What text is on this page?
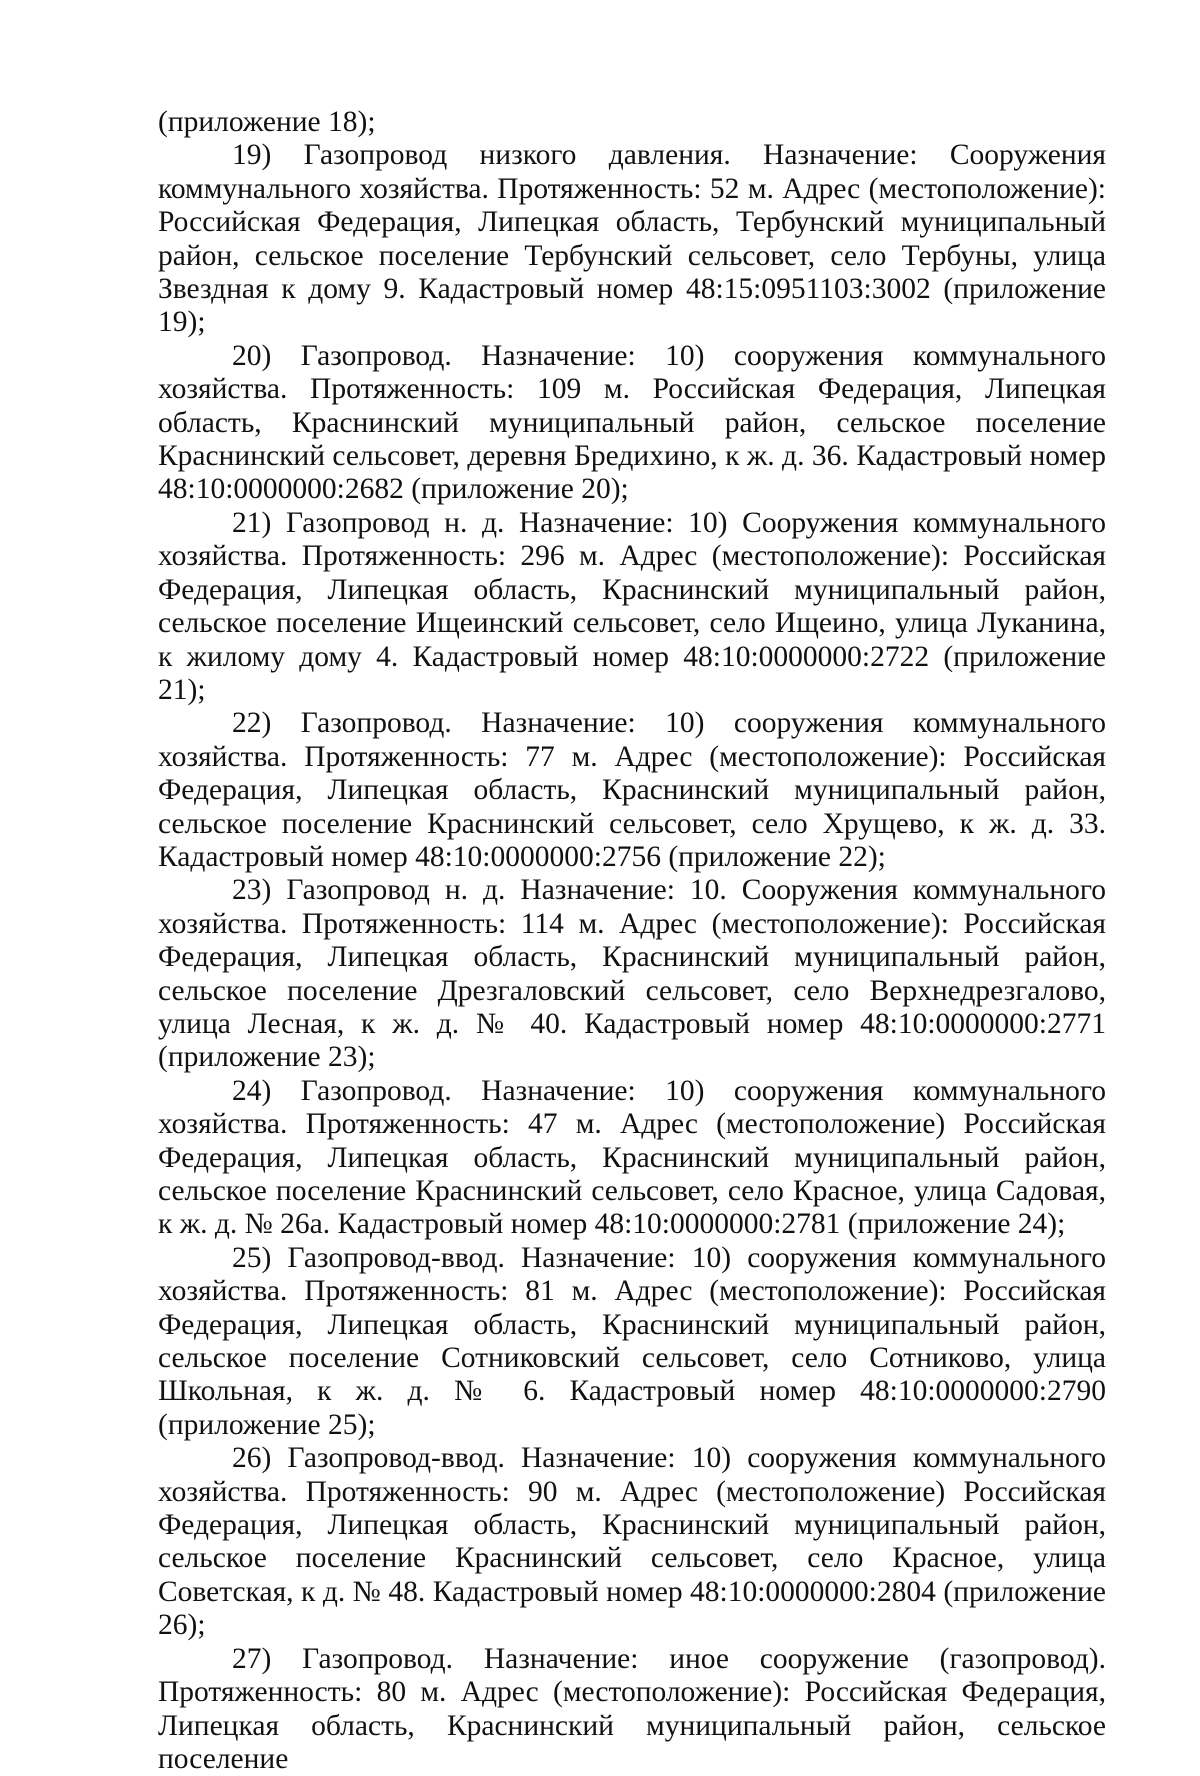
(приложение 18);

19) Газопровод низкого давления. Назначение: Сооружения коммунального хозяйства. Протяженность: 52 м. Адрес (местоположение): Российская Федерация, Липецкая область, Тербунский муниципальный район, сельское поселение Тербунский сельсовет, село Тербуны, улица Звездная к дому 9. Кадастровый номер 48:15:0951103:3002 (приложение 19);

20) Газопровод. Назначение: 10) сооружения коммунального хозяйства. Протяженность: 109 м. Российская Федерация, Липецкая область, Краснинский муниципальный район, сельское поселение Краснинский сельсовет, деревня Бредихино, к ж. д. 36. Кадастровый номер 48:10:0000000:2682 (приложение 20);

21) Газопровод н. д. Назначение: 10) Сооружения коммунального хозяйства. Протяженность: 296 м. Адрес (местоположение): Российская Федерация, Липецкая область, Краснинский муниципальный район, сельское поселение Ищеинский сельсовет, село Ищеино, улица Луканина, к жилому дому 4. Кадастровый номер 48:10:0000000:2722 (приложение 21);

22) Газопровод. Назначение: 10) сооружения коммунального хозяйства. Протяженность: 77 м. Адрес (местоположение): Российская Федерация, Липецкая область, Краснинский муниципальный район, сельское поселение Краснинский сельсовет, село Хрущево, к ж. д. 33. Кадастровый номер 48:10:0000000:2756 (приложение 22);

23) Газопровод н. д. Назначение: 10. Сооружения коммунального хозяйства. Протяженность: 114 м. Адрес (местоположение): Российская Федерация, Липецкая область, Краснинский муниципальный район, сельское поселение Дрезгаловский сельсовет, село Верхнедрезгалово, улица Лесная, к ж. д. № 40. Кадастровый номер 48:10:0000000:2771 (приложение 23);

24) Газопровод. Назначение: 10) сооружения коммунального хозяйства. Протяженность: 47 м. Адрес (местоположение) Российская Федерация, Липецкая область, Краснинский муниципальный район, сельское поселение Краснинский сельсовет, село Красное, улица Садовая, к ж. д. № 26а. Кадастровый номер 48:10:0000000:2781 (приложение 24);

25) Газопровод-ввод. Назначение: 10) сооружения коммунального хозяйства. Протяженность: 81 м. Адрес (местоположение): Российская Федерация, Липецкая область, Краснинский муниципальный район, сельское поселение Сотниковский сельсовет, село Сотниково, улица Школьная, к ж. д. № 6. Кадастровый номер 48:10:0000000:2790 (приложение 25);

26) Газопровод-ввод. Назначение: 10) сооружения коммунального хозяйства. Протяженность: 90 м. Адрес (местоположение) Российская Федерация, Липецкая область, Краснинский муниципальный район, сельское поселение Краснинский сельсовет, село Красное, улица Советская, к д. № 48. Кадастровый номер 48:10:0000000:2804 (приложение 26);

27) Газопровод. Назначение: иное сооружение (газопровод). Протяженность: 80 м. Адрес (местоположение): Российская Федерация, Липецкая область, Краснинский муниципальный район, сельское поселение
